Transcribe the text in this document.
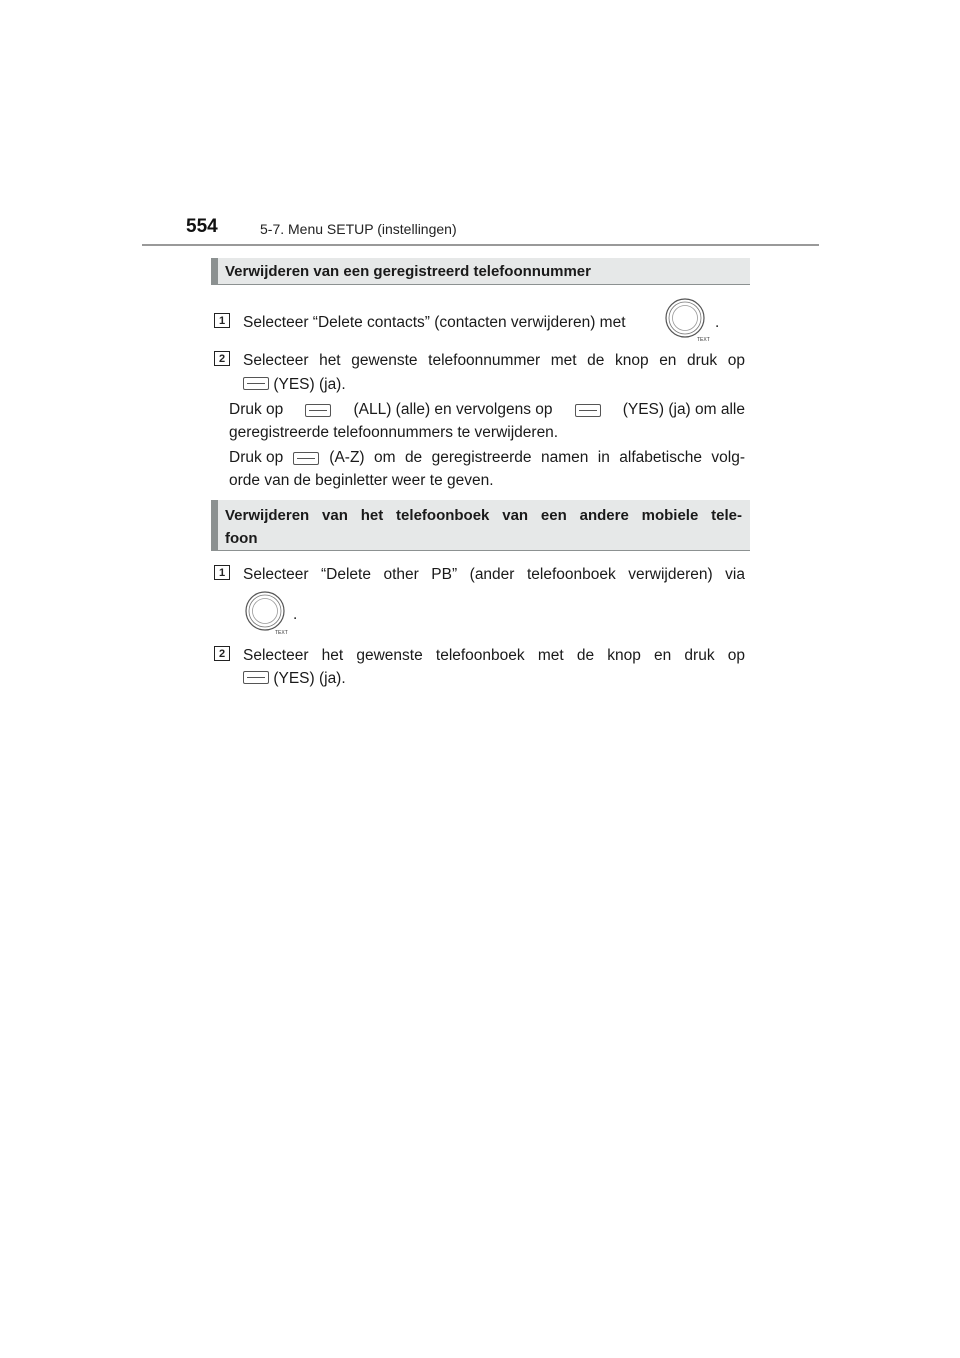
554	5-7. Menu SETUP (instellingen)
Verwijderen van een geregistreerd telefoonnummer
1	Selecteer “Delete contacts” (contacten verwijderen) met
TEXT
.
2	Selecteer het gewenste telefoonnummer met de knop en druk op
(YES) (ja).
Druk op	(ALL) (alle) en vervolgens op	(YES) (ja) om alle
geregistreerde telefoonnummers te verwijderen.
Druk op	(A-Z) om de geregistreerde namen in alfabetische volg-
orde van de beginletter weer te geven.
Verwijderen van het telefoonboek van een andere mobiele tele-
foon
1	Selecteer “Delete other PB” (ander telefoonboek verwijderen) via
TEXT
.
2	Selecteer het gewenste telefoonboek met de knop en druk op
(YES) (ja).
